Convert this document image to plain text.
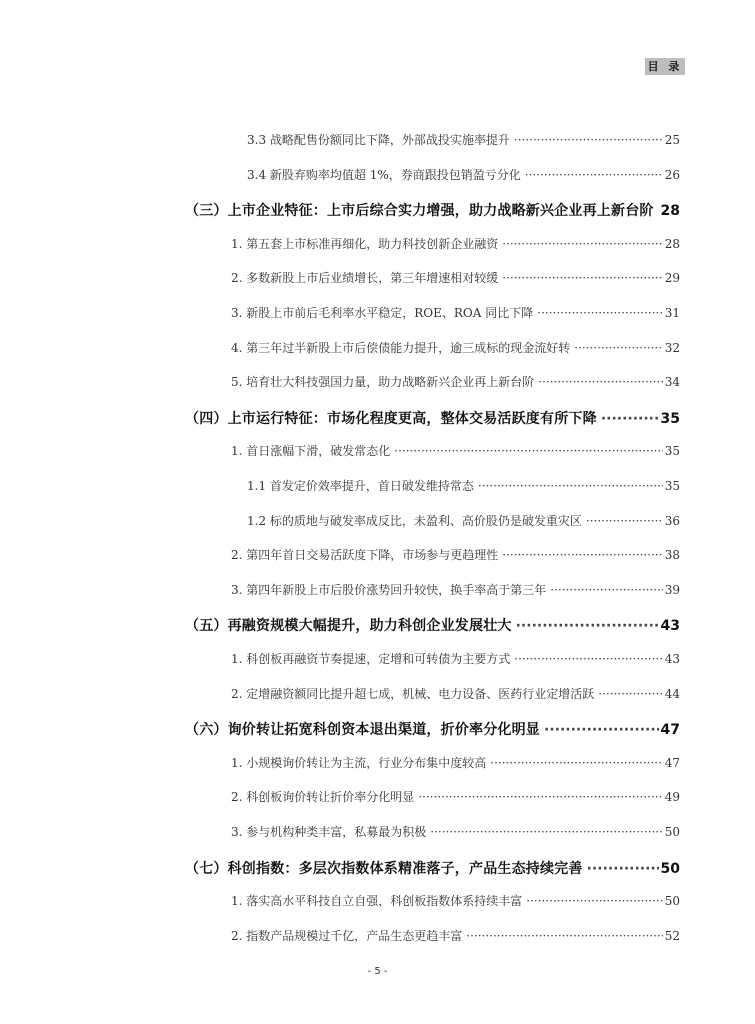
目 录
3.3 战略配售份额同比下降，外部战投实施率提升 ·····	25
3.4 新股弃购率均值超 1%，券商跟投包销盈亏分化 ·····	26
（三）上市企业特征：上市后综合实力增强，助力战略新兴企业再上新台阶 ····· 28
1. 第五套上市标准再细化，助力科技创新企业融资 ·····	28
2. 多数新股上市后业绩增长，第三年增速相对较缓 ·····	29
3. 新股上市前后毛利率水平稳定，ROE、ROA 同比下降 ·····	31
4. 第三年过半新股上市后偿债能力提升，逾三成标的现金流好转 ·····	32
5. 培育壮大科技强国力量，助力战略新兴企业再上新台阶 ·····	34
（四）上市运行特征：市场化程度更高，整体交易活跃度有所下降 ·····	35
1. 首日涨幅下滑，破发常态化 ·····	35
1.1 首发定价效率提升，首日破发维持常态 ·····	35
1.2 标的质地与破发率成反比，未盈利、高价股仍是破发重灾区 ·····	36
2. 第四年首日交易活跃度下降，市场参与更趋理性 ·····	38
3. 第四年新股上市后股价涨势回升较快，换手率高于第三年 ·····	39
（五）再融资规模大幅提升，助力科创企业发展壮大 ·····	43
1. 科创板再融资节奏提速，定增和可转债为主要方式 ·····	43
2. 定增融资额同比提升超七成，机械、电力设备、医药行业定增活跃 ·····	44
（六）询价转让拓宽科创资本退出渠道，折价率分化明显 ·····	47
1. 小规模询价转让为主流，行业分布集中度较高 ·····	47
2. 科创板询价转让折价率分化明显 ·····	49
3. 参与机构种类丰富，私募最为积极 ·····	50
（七）科创指数：多层次指数体系精准落子，产品生态持续完善 ·····	50
1. 落实高水平科技自立自强，科创板指数体系持续丰富 ·····	50
2. 指数产品规模过千亿，产品生态更趋丰富 ·····	52
- 5 -
